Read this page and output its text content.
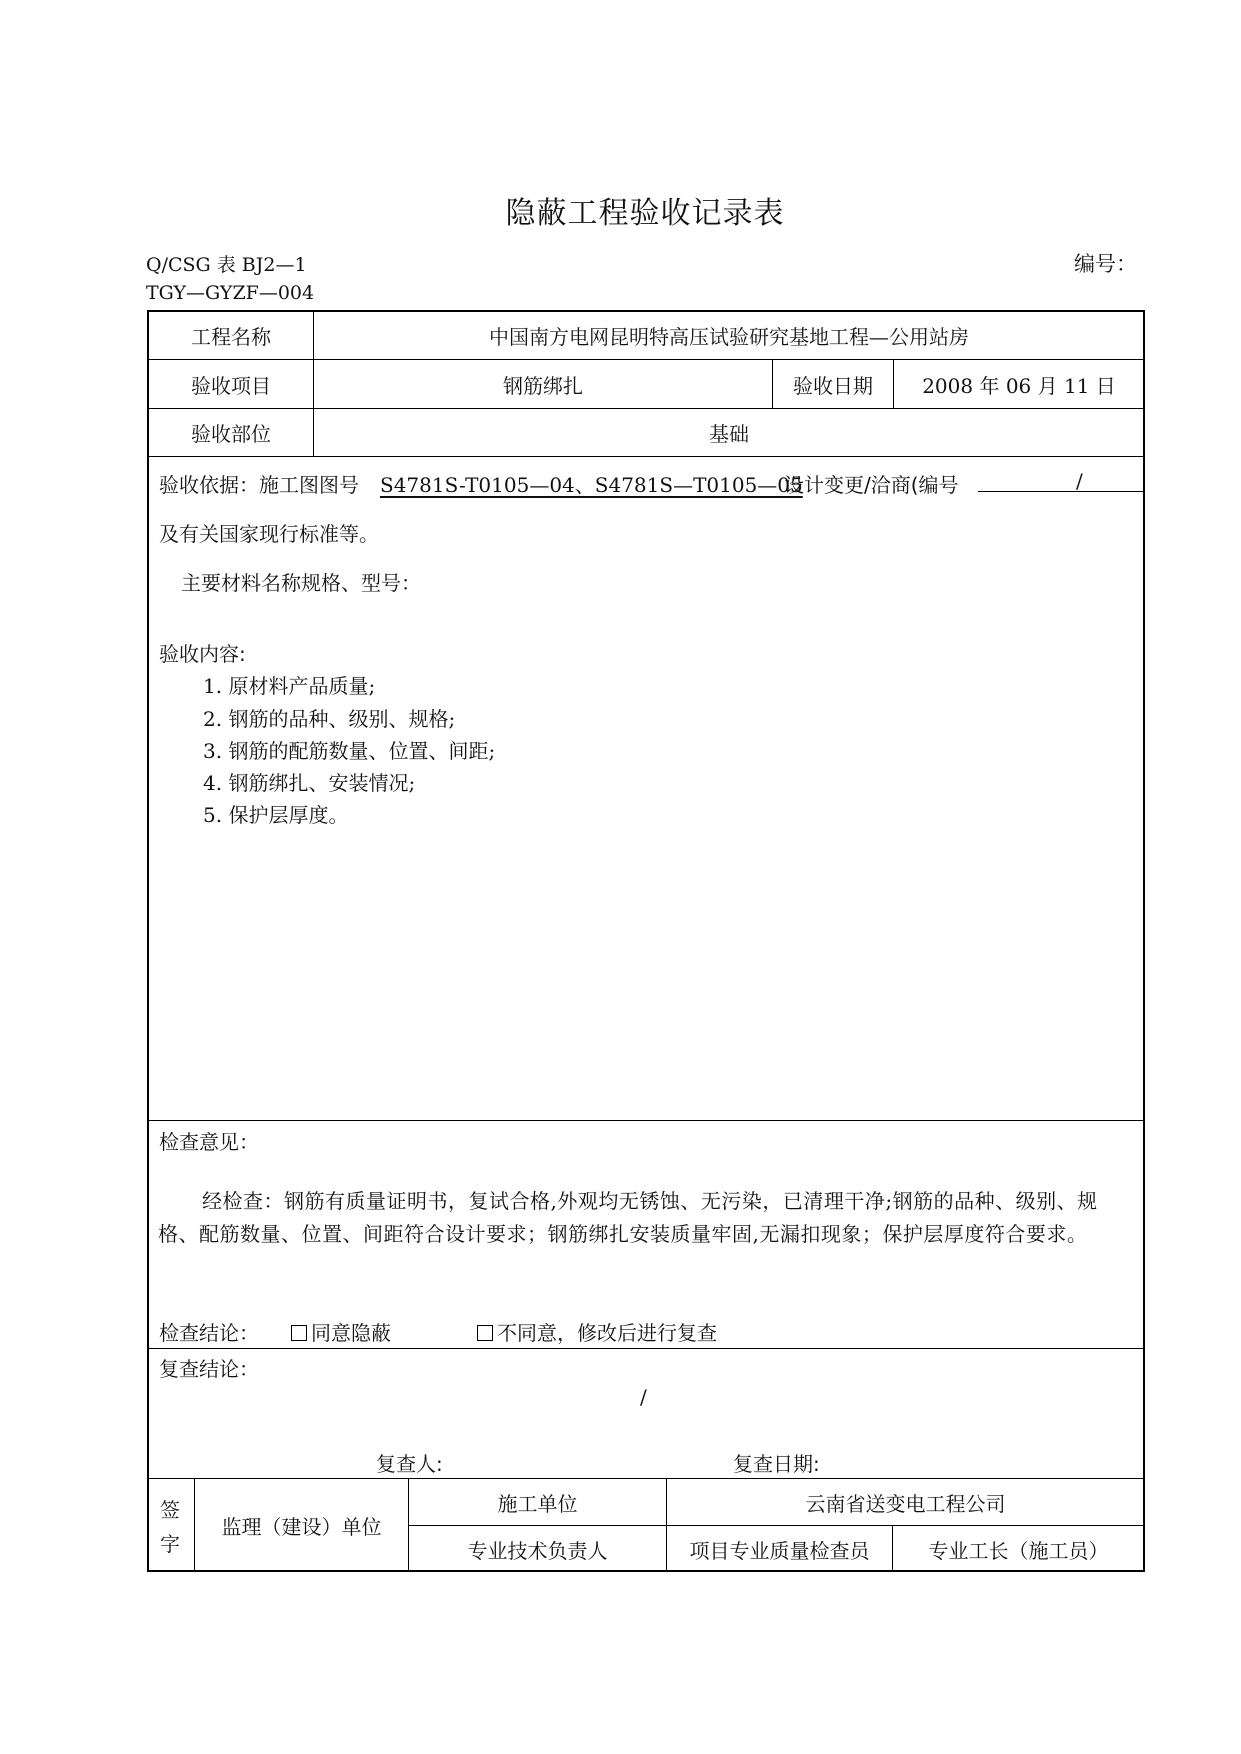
隐蔽工程验收记录表
Q/CSG 表 BJ2—1
TGY—GYZF—004
编号：
工程名称	中国南方电网昆明特高压试验研究基地工程—公用站房
验收项目	钢筋绑扎	验收日期	2008 年 06 月 11 日
验收部位	基础
验收依据：施工图图号 S4781S-T0105—04、S4781S—T0105—05
设计变更/洽商(编号	/
及有关国家现行标准等。
主要材料名称规格、型号：
验收内容:
1. 原材料产品质量;
2. 钢筋的品种、级别、规格;
3. 钢筋的配筋数量、位置、间距;
4. 钢筋绑扎、安装情况;
5. 保护层厚度。
检查意见：
经检查：钢筋有质量证明书，复试合格,外观均无锈蚀、无污染，已清理干净;钢筋的品种、级别、规格、配筋数量、位置、间距符合设计要求；钢筋绑扎安装质量牢固,无漏扣现象；保护层厚度符合要求。
检查结论：	同意隐蔽	不同意，修改后进行复查
复查结论：
/
复查人:	复查日期:
签
字
监理（建设）单位
施工单位	云南省送变电工程公司
专业技术负责人	项目专业质量检查员	专业工长（施工员）
